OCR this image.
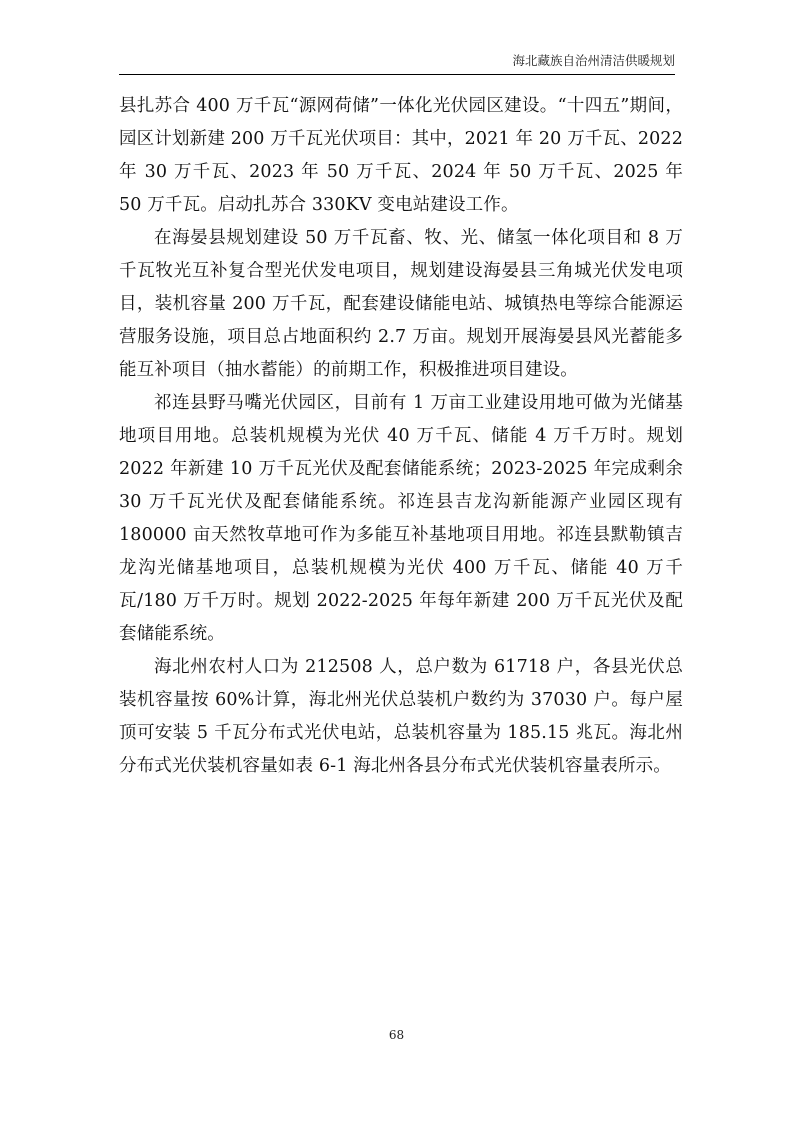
海北藏族自治州清洁供暖规划

县扎苏合 400 万千瓦“源网荷储”一体化光伏园区建设。“十四五”期间，园区计划新建 200 万千瓦光伏项目：其中，2021 年 20 万千瓦、2022 年 30 万千瓦、2023 年 50 万千瓦、2024 年 50 万千瓦、2025 年 50 万千瓦。启动扎苏合 330KV 变电站建设工作。

在海晏县规划建设 50 万千瓦畜、牧、光、储氢一体化项目和 8 万千瓦牧光互补复合型光伏发电项目，规划建设海晏县三角城光伏发电项目，装机容量 200 万千瓦，配套建设储能电站、城镇热电等综合能源运营服务设施，项目总占地面积约 2.7 万亩。规划开展海晏县风光蓄能多能互补项目（抽水蓄能）的前期工作，积极推进项目建设。

祁连县野马嘴光伏园区，目前有 1 万亩工业建设用地可做为光储基地项目用地。总装机规模为光伏 40 万千瓦、储能 4 万千万时。规划 2022 年新建 10 万千瓦光伏及配套储能系统；2023-2025 年完成剩余 30 万千瓦光伏及配套储能系统。祁连县吉龙沟新能源产业园区现有 180000 亩天然牧草地可作为多能互补基地项目用地。祁连县默勒镇吉龙沟光储基地项目，总装机规模为光伏 400 万千瓦、储能 40 万千瓦/180 万千万时。规划 2022-2025 年每年新建 200 万千瓦光伏及配套储能系统。

海北州农村人口为 212508 人，总户数为 61718 户，各县光伏总装机容量按 60%计算，海北州光伏总装机户数约为 37030 户。每户屋顶可安装 5 千瓦分布式光伏电站，总装机容量为 185.15 兆瓦。海北州分布式光伏装机容量如表 6-1 海北州各县分布式光伏装机容量表所示。

68
